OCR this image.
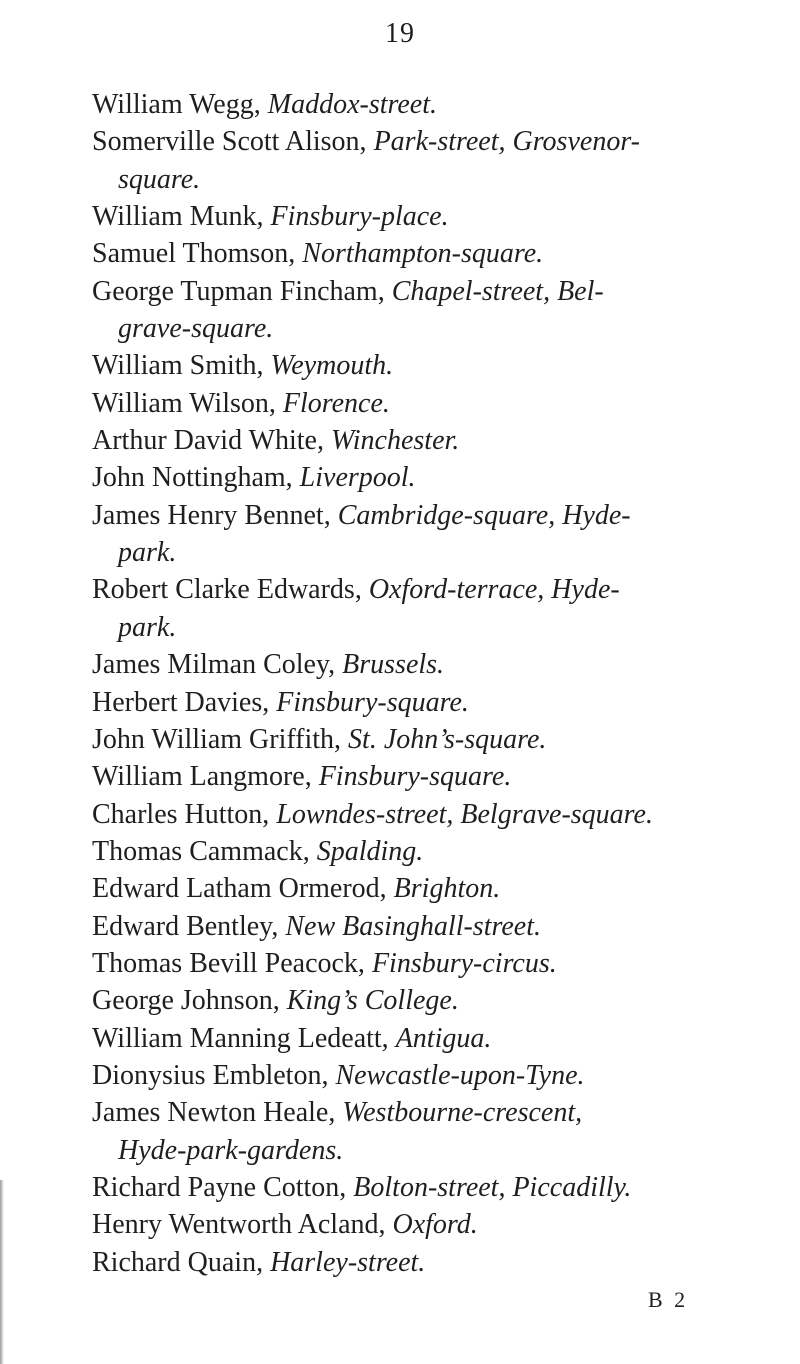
19
William Wegg, Maddox-street.
Somerville Scott Alison, Park-street, Grosvenor-
square.
William Munk, Finsbury-place.
Samuel Thomson, Northampton-square.
George Tupman Fincham, Chapel-street, Bel-
grave-square.
William Smith, Weymouth.
William Wilson, Florence.
Arthur David White, Winchester.
John Nottingham, Liverpool.
James Henry Bennet, Cambridge-square, Hyde-
park.
Robert Clarke Edwards, Oxford-terrace, Hyde-
park.
James Milman Coley, Brussels.
Herbert Davies, Finsbury-square.
John William Griffith, St. John’s-square.
William Langmore, Finsbury-square.
Charles Hutton, Lowndes-street, Belgrave-square.
Thomas Cammack, Spalding.
Edward Latham Ormerod, Brighton.
Edward Bentley, New Basinghall-street.
Thomas Bevill Peacock, Finsbury-circus.
George Johnson, King’s College.
William Manning Ledeatt, Antigua.
Dionysius Embleton, Newcastle-upon-Tyne.
James Newton Heale, Westbourne-crescent,
Hyde-park-gardens.
Richard Payne Cotton, Bolton-street, Piccadilly.
Henry Wentworth Acland, Oxford.
Richard Quain, Harley-street.
B 2
